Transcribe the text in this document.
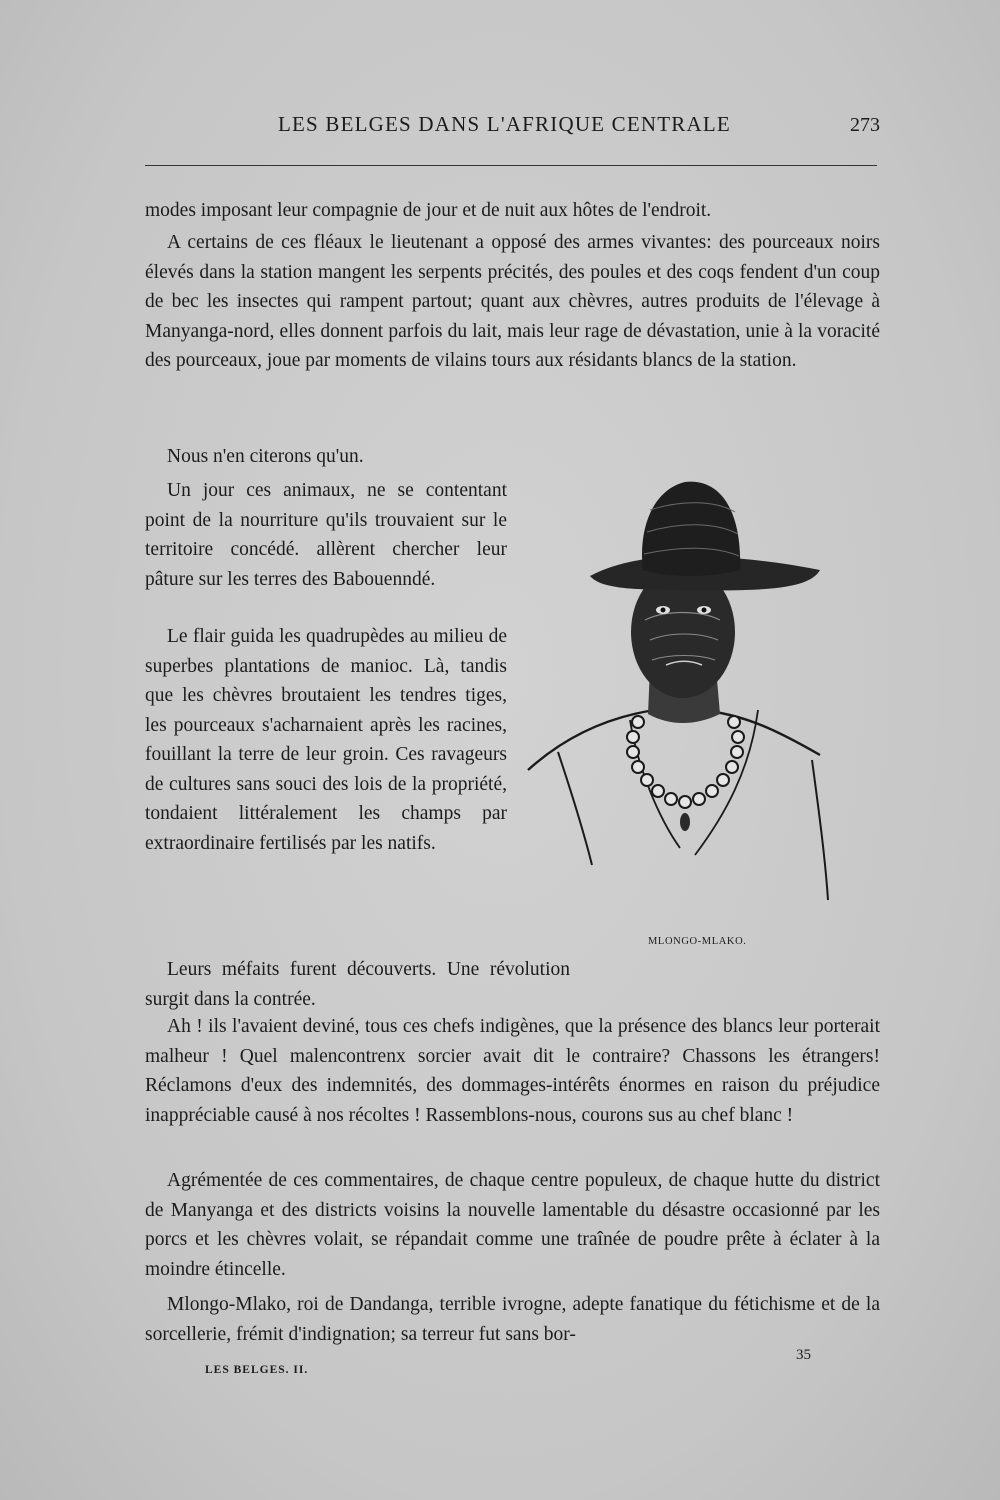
LES BELGES DANS L'AFRIQUE CENTRALE	273

modes imposant leur compagnie de jour et de nuit aux hôtes de l'endroit.

A certains de ces fléaux le lieutenant a opposé des armes vivantes: des pourceaux noirs élevés dans la station mangent les serpents précités, des poules et des coqs fendent d'un coup de bec les insectes qui rampent partout; quant aux chèvres, autres produits de l'élevage à Manyanga-nord, elles donnent parfois du lait, mais leur rage de dévastation, unie à la voracité des pourceaux, joue par moments de vilains tours aux résidants blancs de la station.

Nous n'en citerons qu'un.

Un jour ces animaux, ne se contentant point de la nourriture qu'ils trouvaient sur le territoire concédé. allèrent chercher leur pâture sur les terres des Babouenndé.

Le flair guida les quadrupèdes au milieu de superbes plantations de manioc. Là, tandis que les chèvres broutaient les tendres tiges, les pourceaux s'acharnaient après les racines, fouillant la terre de leur groin. Ces ravageurs de cultures sans souci des lois de la propriété, tondaient littéralement les champs par extraordinaire fertilisés par les natifs.

Leurs méfaits furent découverts. Une révolution surgit dans la contrée.

Ah ! ils l'avaient deviné, tous ces chefs indigènes, que la présence des blancs leur porterait malheur ! Quel malencontrenx sorcier avait dit le contraire? Chassons les étrangers! Réclamons d'eux des indemnités, des dommages-intérêts énormes en raison du préjudice inappréciable causé à nos récoltes ! Rassemblons-nous, courons sus au chef blanc !

Agrémentée de ces commentaires, de chaque centre populeux, de chaque hutte du district de Manyanga et des districts voisins la nouvelle lamentable du désastre occasionné par les porcs et les chèvres volait, se répandait comme une traînée de poudre prête à éclater à la moindre étincelle.

Mlongo-Mlako, roi de Dandanga, terrible ivrogne, adepte fanatique du fétichisme et de la sorcellerie, frémit d'indignation; sa terreur fut sans bor-

MLONGO-MLAKO.
LES BELGES. II.
35
